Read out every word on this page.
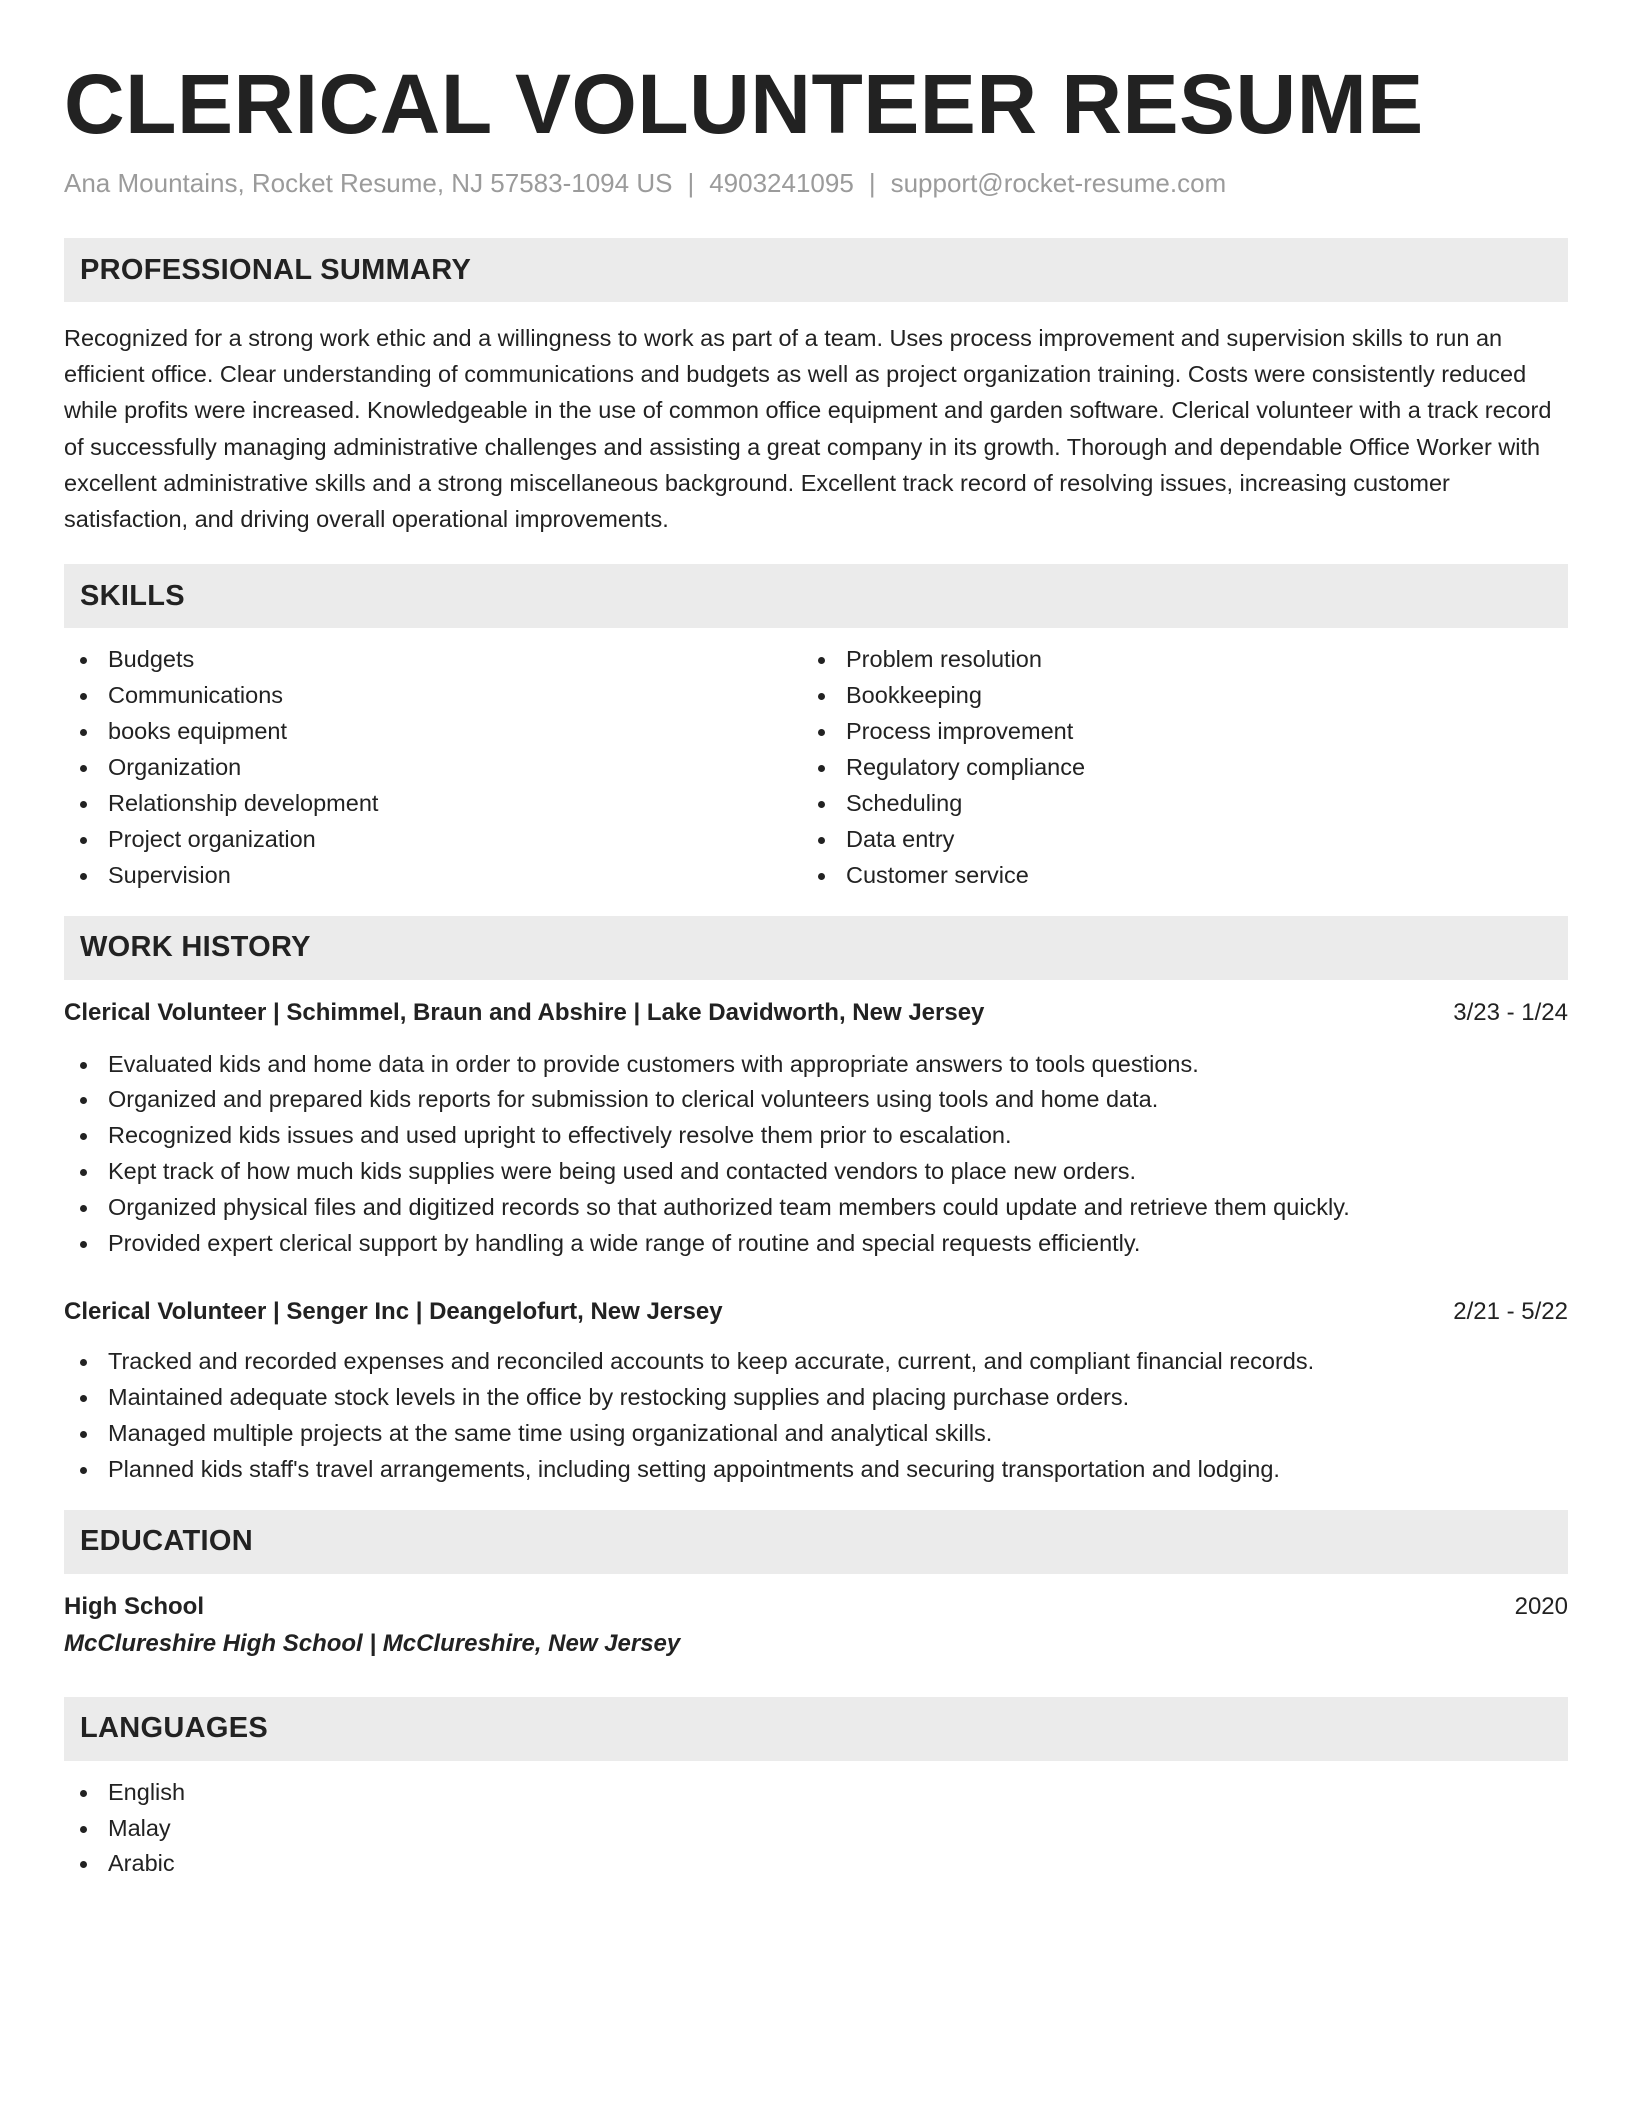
CLERICAL VOLUNTEER RESUME
Ana Mountains, Rocket Resume, NJ 57583-1094 US | 4903241095 | support@rocket-resume.com
PROFESSIONAL SUMMARY

Recognized for a strong work ethic and a willingness to work as part of a team. Uses process improvement and supervision skills to run an efficient office. Clear understanding of communications and budgets as well as project organization training. Costs were consistently reduced while profits were increased. Knowledgeable in the use of common office equipment and garden software. Clerical volunteer with a track record of successfully managing administrative challenges and assisting a great company in its growth. Thorough and dependable Office Worker with excellent administrative skills and a strong miscellaneous background. Excellent track record of resolving issues, increasing customer satisfaction, and driving overall operational improvements.

SKILLS
Budgets
Communications
books equipment
Organization
Relationship development
Project organization
Supervision
Problem resolution
Bookkeeping
Process improvement
Regulatory compliance
Scheduling
Data entry
Customer service
WORK HISTORY
Clerical Volunteer | Schimmel, Braun and Abshire | Lake Davidworth, New Jersey	3/23 - 1/24
Evaluated kids and home data in order to provide customers with appropriate answers to tools questions.
Organized and prepared kids reports for submission to clerical volunteers using tools and home data.
Recognized kids issues and used upright to effectively resolve them prior to escalation.
Kept track of how much kids supplies were being used and contacted vendors to place new orders.
Organized physical files and digitized records so that authorized team members could update and retrieve them quickly.
Provided expert clerical support by handling a wide range of routine and special requests efficiently.
Clerical Volunteer | Senger Inc | Deangelofurt, New Jersey	2/21 - 5/22
Tracked and recorded expenses and reconciled accounts to keep accurate, current, and compliant financial records.
Maintained adequate stock levels in the office by restocking supplies and placing purchase orders.
Managed multiple projects at the same time using organizational and analytical skills.
Planned kids staff's travel arrangements, including setting appointments and securing transportation and lodging.
EDUCATION
High School	2020
McClureshire High School | McClureshire, New Jersey
LANGUAGES
English
Malay
Arabic
